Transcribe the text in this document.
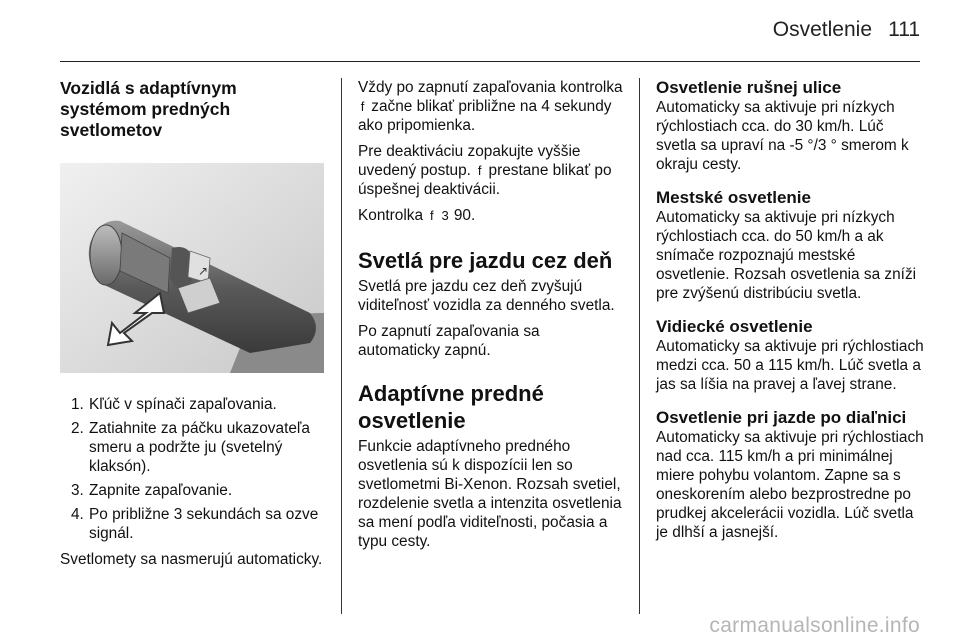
Osvetlenie 111
Vozidlá s adaptívnym systémom predných svetlometov
↗
1. Kľúč v spínači zapaľovania.
2. Zatiahnite za páčku ukazovateľa smeru a podržte ju (svetelný klaksón).
3. Zapnite zapaľovanie.
4. Po približne 3 sekundách sa ozve signál.

Svetlomety sa nasmerujú automaticky.

Vždy po zapnutí zapaľovania kontrolka f začne blikať približne na 4 sekundy ako pripomienka.

Pre deaktiváciu zopakujte vyššie uvedený postup. f prestane blikať po úspešnej deaktivácii.

Kontrolka f 3 90.

Svetlá pre jazdu cez deň

Svetlá pre jazdu cez deň zvyšujú viditeľnosť vozidla za denného svetla.

Po zapnutí zapaľovania sa automaticky zapnú.

Adaptívne predné osvetlenie

Funkcie adaptívneho predného osvetlenia sú k dispozícii len so svetlometmi Bi-Xenon. Rozsah svetiel, rozdelenie svetla a intenzita osvetlenia sa mení podľa viditeľnosti, počasia a typu cesty.

Osvetlenie rušnej ulice
Automaticky sa aktivuje pri nízkych rýchlostiach cca. do 30 km/h. Lúč svetla sa upraví na -5 °/3 ° smerom k okraju cesty.
Mestské osvetlenie
Automaticky sa aktivuje pri nízkych rýchlostiach cca. do 50 km/h a ak snímače rozpoznajú mestské osvetlenie. Rozsah osvetlenia sa zníži pre zvýšenú distribúciu svetla.
Vidiecké osvetlenie
Automaticky sa aktivuje pri rýchlostiach medzi cca. 50 a 115 km/h. Lúč svetla a jas sa líšia na pravej a ľavej strane.
Osvetlenie pri jazde po diaľnici
Automaticky sa aktivuje pri rýchlostiach nad cca. 115 km/h a pri minimálnej miere pohybu volantom. Zapne sa s oneskorením alebo bezprostredne po prudkej akcelerácii vozidla. Lúč svetla je dlhší a jasnejší.
carmanualsonline.info
